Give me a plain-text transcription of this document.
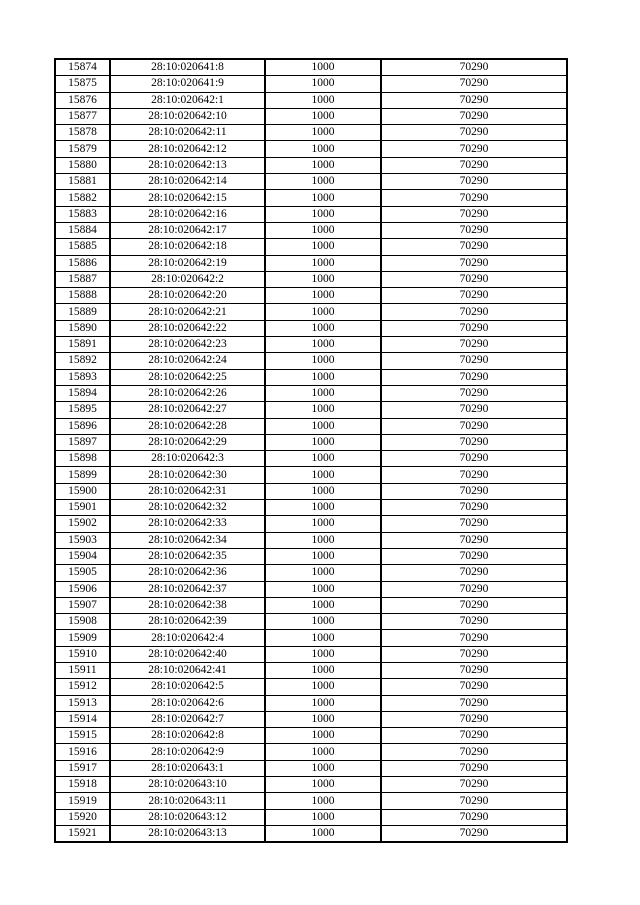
15874	28:10:020641:8	1000	70290
15875	28:10:020641:9	1000	70290
15876	28:10:020642:1	1000	70290
15877	28:10:020642:10	1000	70290
15878	28:10:020642:11	1000	70290
15879	28:10:020642:12	1000	70290
15880	28:10:020642:13	1000	70290
15881	28:10:020642:14	1000	70290
15882	28:10:020642:15	1000	70290
15883	28:10:020642:16	1000	70290
15884	28:10:020642:17	1000	70290
15885	28:10:020642:18	1000	70290
15886	28:10:020642:19	1000	70290
15887	28:10:020642:2	1000	70290
15888	28:10:020642:20	1000	70290
15889	28:10:020642:21	1000	70290
15890	28:10:020642:22	1000	70290
15891	28:10:020642:23	1000	70290
15892	28:10:020642:24	1000	70290
15893	28:10:020642:25	1000	70290
15894	28:10:020642:26	1000	70290
15895	28:10:020642:27	1000	70290
15896	28:10:020642:28	1000	70290
15897	28:10:020642:29	1000	70290
15898	28:10:020642:3	1000	70290
15899	28:10:020642:30	1000	70290
15900	28:10:020642:31	1000	70290
15901	28:10:020642:32	1000	70290
15902	28:10:020642:33	1000	70290
15903	28:10:020642:34	1000	70290
15904	28:10:020642:35	1000	70290
15905	28:10:020642:36	1000	70290
15906	28:10:020642:37	1000	70290
15907	28:10:020642:38	1000	70290
15908	28:10:020642:39	1000	70290
15909	28:10:020642:4	1000	70290
15910	28:10:020642:40	1000	70290
15911	28:10:020642:41	1000	70290
15912	28:10:020642:5	1000	70290
15913	28:10:020642:6	1000	70290
15914	28:10:020642:7	1000	70290
15915	28:10:020642:8	1000	70290
15916	28:10:020642:9	1000	70290
15917	28:10:020643:1	1000	70290
15918	28:10:020643:10	1000	70290
15919	28:10:020643:11	1000	70290
15920	28:10:020643:12	1000	70290
15921	28:10:020643:13	1000	70290
